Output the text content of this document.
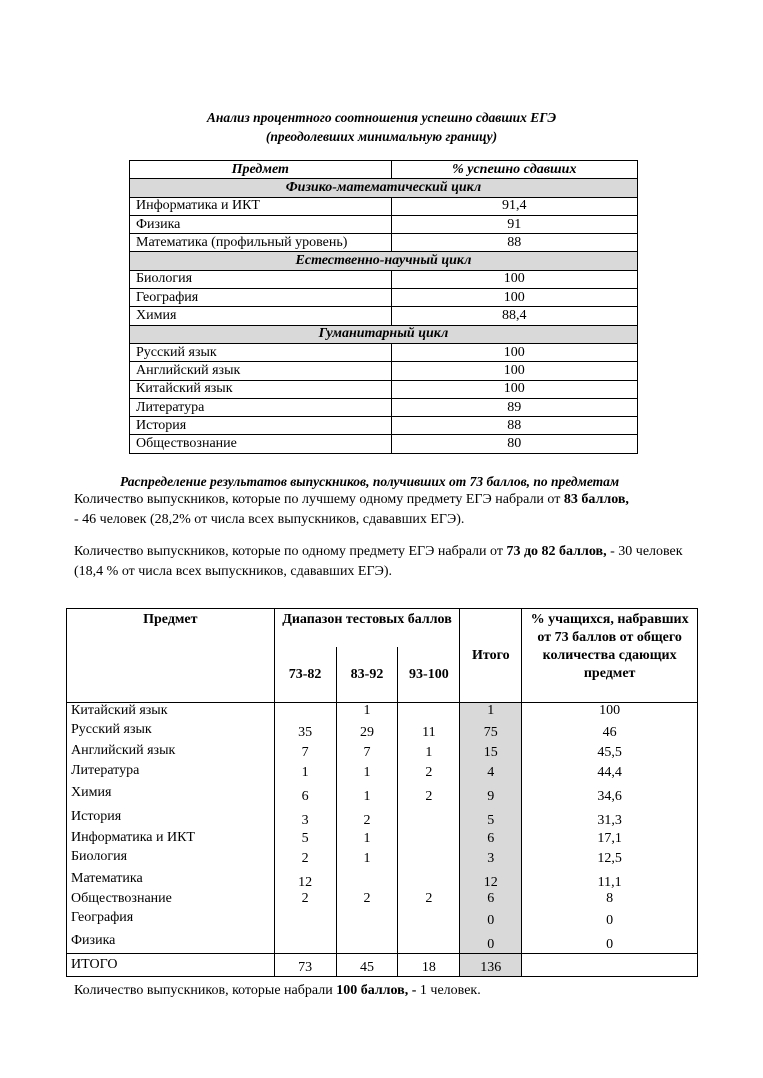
Анализ процентного соотношения успешно сдавших ЕГЭ
(преодолевших минимальную границу)
Предмет	% успешно сдавших
Физико-математический цикл	
Информатика и ИКТ	91,4
Физика	91
Математика (профильный уровень)	88
Естественно-научный цикл	
Биология	100
География	100
Химия	88,4
Гуманитарный цикл	
Русский язык	100
Английский язык	100
Китайский язык	100
Литература	89
История	88
Обществознание	80
Распределение результатов выпускников, получивших от 73 баллов, по предметам
Количество выпускников, которые по лучшему одному предмету ЕГЭ набрали от 83 баллов,
- 46 человек (28,2% от числа всех выпускников, сдававших ЕГЭ).
Количество выпускников, которые по одному предмету ЕГЭ набрали от 73 до 82 баллов, - 30 человек (18,4 % от числа всех выпускников, сдававших ЕГЭ).
Предмет	Диапазон тестовых баллов			Итого	% учащихся, набравших от 73 баллов от общего количества сдающих предмет
	73-82	83-92	93-100		
Китайский язык		1		1	100
Русский язык	35	29	11	75	46
Английский язык	7	7	1	15	45,5
Литература	1	1	2	4	44,4
Химия	6	1	2	9	34,6
История	3	2		5	31,3
Информатика и ИКТ	5	1		6	17,1
Биология	2	1		3	12,5
Математика	12			12	11,1
Обществознание	2	2	2	6	8
География				0	0
Физика				0	0
ИТОГО	73	45	18	136	
Количество выпускников, которые набрали 100 баллов, - 1 человек.
